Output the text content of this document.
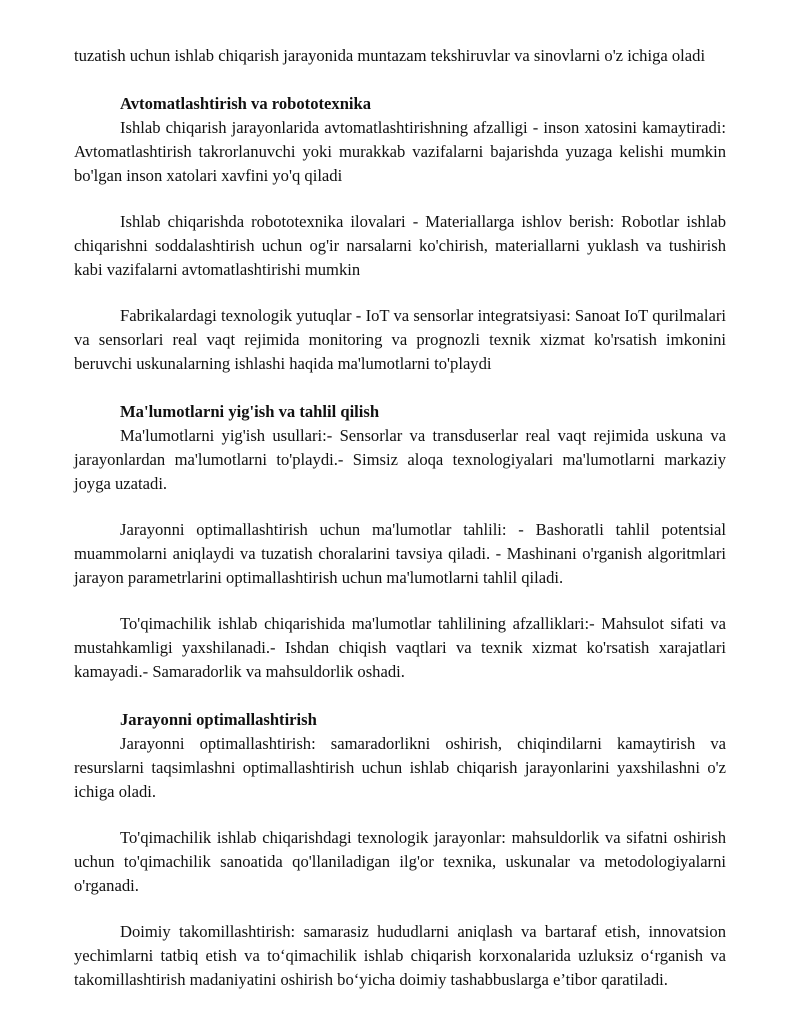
tuzatish uchun ishlab chiqarish jarayonida muntazam tekshiruvlar va sinovlarni o'z ichiga oladi

Avtomatlashtirish va robototexnika

Ishlab chiqarish jarayonlarida avtomatlashtirishning afzalligi - inson xatosini kamaytiradi: Avtomatlashtirish takrorlanuvchi yoki murakkab vazifalarni bajarishda yuzaga kelishi mumkin bo'lgan inson xatolari xavfini yo'q qiladi

Ishlab chiqarishda robototexnika ilovalari - Materiallarga ishlov berish: Robotlar ishlab chiqarishni soddalashtirish uchun og'ir narsalarni ko'chirish, materiallarni yuklash va tushirish kabi vazifalarni avtomatlashtirishi mumkin

Fabrikalardagi texnologik yutuqlar - IoT va sensorlar integratsiyasi: Sanoat IoT qurilmalari va sensorlari real vaqt rejimida monitoring va prognozli texnik xizmat ko'rsatish imkonini beruvchi uskunalarning ishlashi haqida ma'lumotlarni to'playdi

Ma'lumotlarni yig'ish va tahlil qilish

Ma'lumotlarni yig'ish usullari:- Sensorlar va transduserlar real vaqt rejimida uskuna va jarayonlardan ma'lumotlarni to'playdi.- Simsiz aloqa texnologiyalari ma'lumotlarni markaziy joyga uzatadi.

Jarayonni optimallashtirish uchun ma'lumotlar tahlili: - Bashoratli tahlil potentsial muammolarni aniqlaydi va tuzatish choralarini tavsiya qiladi. - Mashinani o'rganish algoritmlari jarayon parametrlarini optimallashtirish uchun ma'lumotlarni tahlil qiladi.

To'qimachilik ishlab chiqarishida ma'lumotlar tahlilining afzalliklari:- Mahsulot sifati va mustahkamligi yaxshilanadi.- Ishdan chiqish vaqtlari va texnik xizmat ko'rsatish xarajatlari kamayadi.- Samaradorlik va mahsuldorlik oshadi.

Jarayonni optimallashtirish

Jarayonni optimallashtirish: samaradorlikni oshirish, chiqindilarni kamaytirish va resurslarni taqsimlashni optimallashtirish uchun ishlab chiqarish jarayonlarini yaxshilashni o'z ichiga oladi.

To'qimachilik ishlab chiqarishdagi texnologik jarayonlar: mahsuldorlik va sifatni oshirish uchun to'qimachilik sanoatida qo'llaniladigan ilg'or texnika, uskunalar va metodologiyalarni o'rganadi.

Doimiy takomillashtirish: samarasiz hududlarni aniqlash va bartaraf etish, innovatsion yechimlarni tatbiq etish va to‘qimachilik ishlab chiqarish korxonalarida uzluksiz o‘rganish va takomillashtirish madaniyatini oshirish bo‘yicha doimiy tashabbuslarga e’tibor qaratiladi.
